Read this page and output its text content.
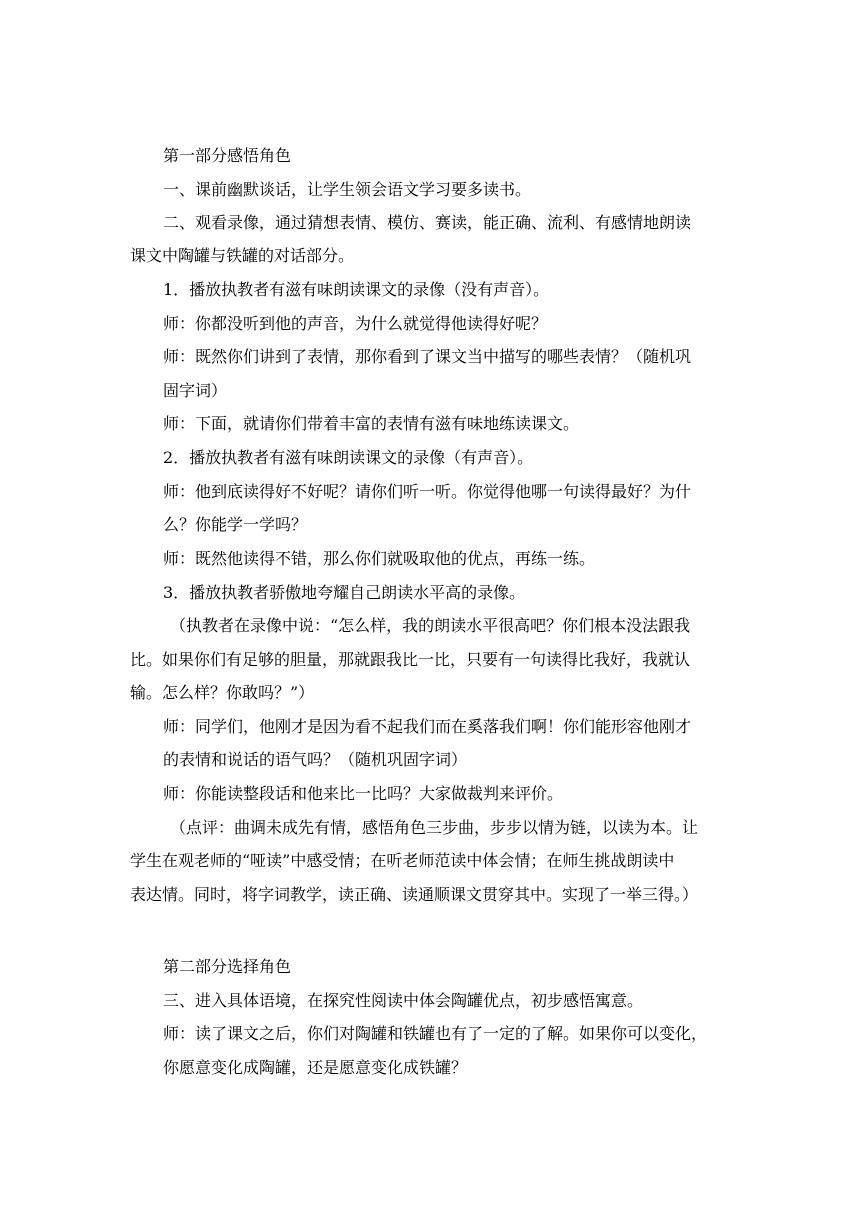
第一部分感悟角色
一、课前幽默谈话，让学生领会语文学习要多读书。
二、观看录像，通过猜想表情、模仿、赛读，能正确、流利、有感情地朗读
课文中陶罐与铁罐的对话部分。
1．播放执教者有滋有味朗读课文的录像（没有声音）。
师：你都没听到他的声音，为什么就觉得他读得好呢？
师：既然你们讲到了表情，那你看到了课文当中描写的哪些表情？（随机巩
固字词）
师：下面，就请你们带着丰富的表情有滋有味地练读课文。
2．播放执教者有滋有味朗读课文的录像（有声音）。
师：他到底读得好不好呢？请你们听一听。你觉得他哪一句读得最好？为什
么？你能学一学吗？
师：既然他读得不错，那么你们就吸取他的优点，再练一练。
3．播放执教者骄傲地夸耀自己朗读水平高的录像。
（执教者在录像中说：“怎么样，我的朗读水平很高吧？你们根本没法跟我
比。如果你们有足够的胆量，那就跟我比一比，只要有一句读得比我好，我就认
输。怎么样？你敢吗？”）
师：同学们，他刚才是因为看不起我们而在奚落我们啊！你们能形容他刚才
的表情和说话的语气吗？（随机巩固字词）
师：你能读整段话和他来比一比吗？大家做裁判来评价。
（点评：曲调未成先有情，感悟角色三步曲，步步以情为链，以读为本。让
学生在观老师的“哑读”中感受情；在听老师范读中体会情；在师生挑战朗读中
表达情。同时，将字词教学，读正确、读通顺课文贯穿其中。实现了一举三得。）
第二部分选择角色
三、进入具体语境，在探究性阅读中体会陶罐优点，初步感悟寓意。
师：读了课文之后，你们对陶罐和铁罐也有了一定的了解。如果你可以变化，
你愿意变化成陶罐，还是愿意变化成铁罐？
